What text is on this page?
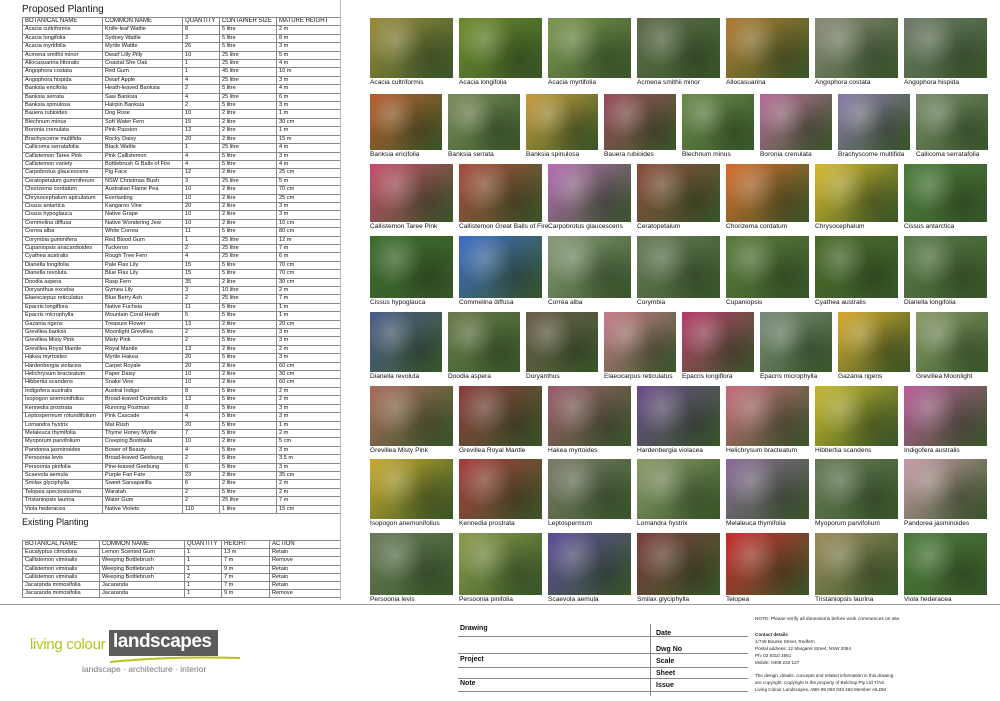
Proposed Planting
BOTANICAL NAME	COMMON NAME	QUANTITY	CONTAINER SIZE	MATURE HEIGHT
Acacia cultriformis	Knife-leaf Wattle	8	5 litre	2 m
Acacia longifolia	Sydney Wattle	3	5 litre	8 m
Acacia myrtifolia	Myrtle Wattle	26	5 litre	3 m
Acmena smithii minor	Dwarf Lilly Pilly	10	25 litre	5 m
Allocasuarina littoralis	Coastal She Oak	1	25 litre	4 m
Angophora costata	Red Gum	1	45 litre	10 m
Angophora hispida	Dwarf Apple	4	25 litre	3 m
Banksia ericifolia	Heath-leaved Banksia	2	5 litre	4 m
Banksia serrata	Saw Banksia	4	25 litre	6 m
Banksia spinulosa	Hairpin Banksia	2	5 litre	3 m
Bauera rubioides	Dog Rose	10	2 litre	1 m
Blechnum minus	Soft Water Fern	15	2 litre	30 cm
Boronia crenulata	Pink Passion	12	2 litre	1 m
Brachyscome multifida	Rocky Daisy	20	2 litre	15 m
Callicoma serratafolia	Black Wattle	1	25 litre	4 m
Callistemon Taree Pink	Pink Callistemon	4	5 litre	3 m
Callistemon variety	Bottlebrush G Balls of Fire	4	5 litre	4 m
Carpobrotus glaucescens	Pig Face	12	2 litre	25 cm
Ceratopetalum gummiferum	NSW Christmas Bush	3	25 litre	5 m
Chorizema cordatum	Australian Flame Pea	10	2 litre	70 cm
Chrysocephalum apiculatum	Everlasting	10	2 litre	25 cm
Cissus antartica	Kangaroo Vine	20	2 litre	3 m
Cissus hypoglauca	Native Grape	10	2 litre	3 m
Commelina diffusa	Native Wondering Jew	10	2 litre	10 cm
Correa alba	White Correa	11	5 litre	80 cm
Corymbia gummifera	Red Blood Gum	1	25 litre	12 m
Cupaniopsis anacardioides	Tuckeroo	2	25 litre	7 m
Cyathea australis	Rough Tree Fern	4	25 litre	6 m
Dianella longifolia	Pale Flax Lily	15	5 litre	70 cm
Dianella revoluta	Blue Flax Lily	15	5 litre	70 cm
Doodia aspera	Rasp Fern	35	2 litre	30 cm
Doryanthus excelsa	Gymea Lily	3	10 litre	2 m
Elaeocarpus reticulatus	Blue Berry Ash	2	25 litre	7 m
Epacris longiflora	Native Fuchsia	11	5 litre	1 m
Epacris microphylla	Mountain Coral Heath	5	5 litre	1 m
Gazania rigens	Treasure Flower	13	2 litre	20 cm
Grevillea banksii	Moonlight Grevillea	2	5 litre	3 m
Grevillea Misty Pink	Misty Pink	2	5 litre	3 m
Grevillea Royal Mantle	Royal Mantle	13	2 litre	2 m
Hakea myrtoides	Myrtle Hakea	20	5 litre	3 m
Hardenbergia violacea	Carpet Royale	20	2 litre	60 cm
Helichrysum bracteatum	Paper Daisy	10	2 litre	30 cm
Hibbertia scandens	Snake Vine	10	2 litre	60 cm
Indigofera australis	Austral Indigo	8	5 litre	2 m
Isopogon anemonifolius	Broad-leaved Drumsticks	13	5 litre	2 m
Kennedia prostrata	Running Postman	8	5 litre	3 m
Leptospermum rotundifolium	Pink Cascade	4	5 litre	3 m
Lomandra hystrix	Mat Rush	20	5 litre	1 m
Melaleuca thymifolia	Thyme Honey Myrtle	7	5 litre	2 m
Myoporum parvifolium	Creeping Boobialla	10	2 litre	5 cm
Pandorea jasminoides	Bower of Beauty	4	5 litre	3 m
Persoonia levis	Broad-leaved Geebung	2	5 litre	3.5 m
Persoonia pinifolia	Pine-leaved Geebung	6	5 litre	3 m
Scaevola aemula	Purple Fan Fare	23	2 litre	35 cm
Smilax glyciphylla	Sweet Sarsaparilla	6	2 litre	2 m
Telopea speciosissima	Waratah	2	5 litre	2 m
Tristaniopsis laurina	Water Gum	2	25 litre	7 m
Viola hederacea	Native Violets	110	1 litre	15 cm
Existing Planting
BOTANICAL NAME	COMMON NAME	QUANTITY	HEIGHT	ACTION
Eucalyptus citriodora	Lemon Scented Gum	1	13 m	Retain
Callistemon viminalis	Weeping Bottlebrush	1	7 m	Remove
Callistemon viminalis	Weeping Bottlebrush	1	9 m	Retain
Callistemon viminalis	Weeping Bottlebrush	2	7 m	Retain
Jacaranda mimosifolia	Jacaranda	1	7 m	Retain
Jacaranda mimosifolia	Jacaranda	1	9 m	Remove
Acacia cultriformis	Acacia longifolia	Acacia myrtifolia	Acmena smithii minor	Allocasuarina	Angophora costata	Angophora hispida
Banksia ericifolia	Banksia serrata	Banksia spinulosa	Bauera rubioides	Blechnum minus	Boronia crenulata	Brachyscome multifida Callicoma serratafolia
Callistemon Taree Pink	Callistemon Great Balls of Fire Carpobrotus glaucescens Ceratopetalum	Chorizema cordatum	Chrysocephalum	Cissus antarctica
Cissus hypoglauca	Commelina diffusa	Correa alba	Corymbia	Cupaniopsis	Cyathea australis	Dianella longifolia
Dianella revoluta	Doodia aspera	Doryanthus	Elaeocarpus reticulatus Epacris longiflora	Epacris microphylla	Gazania rigens	Grevillea Moonlight
Grevillea Misty Pink	Grevillea Royal Mantle	Hakea myrtoides	Hardenbergia violacea	Helichrysum bracteatum	Hibbertia scandens	Indigofera australis
Isopogon anemonifolius	Kennedia prostrata	Leptospermum	Lomandra hystrix	Melaleuca thymifolia	Myoporum parvifolium	Pandorea jasminoides
Persoonia levis	Persoonia pinifolia	Scaevola aemula	Smilax glyciphylla	Telopea	Tristaniopsis laurina	Viola hederacea
living colour landscapes
landscape · architecture · interior
NOTE: Please verify all dimensions before work commences on site.
Drawing
Project
Note
Date
Dwg No
Scale
Sheet
Issue
Contact details
1/748 Bourke Street, Redfern
Postal address: 12 Margaret Street, NSW 2064
Ph: 02 9310 3561
Mobile: 0408 232 127
The design, details, concepts and related information in this drawing
are copyright. Copyright is the property of Belchop Pty Ltd T/AS
Living Colour Landscapes, ABN 99 093 033 463 Member AILDM
